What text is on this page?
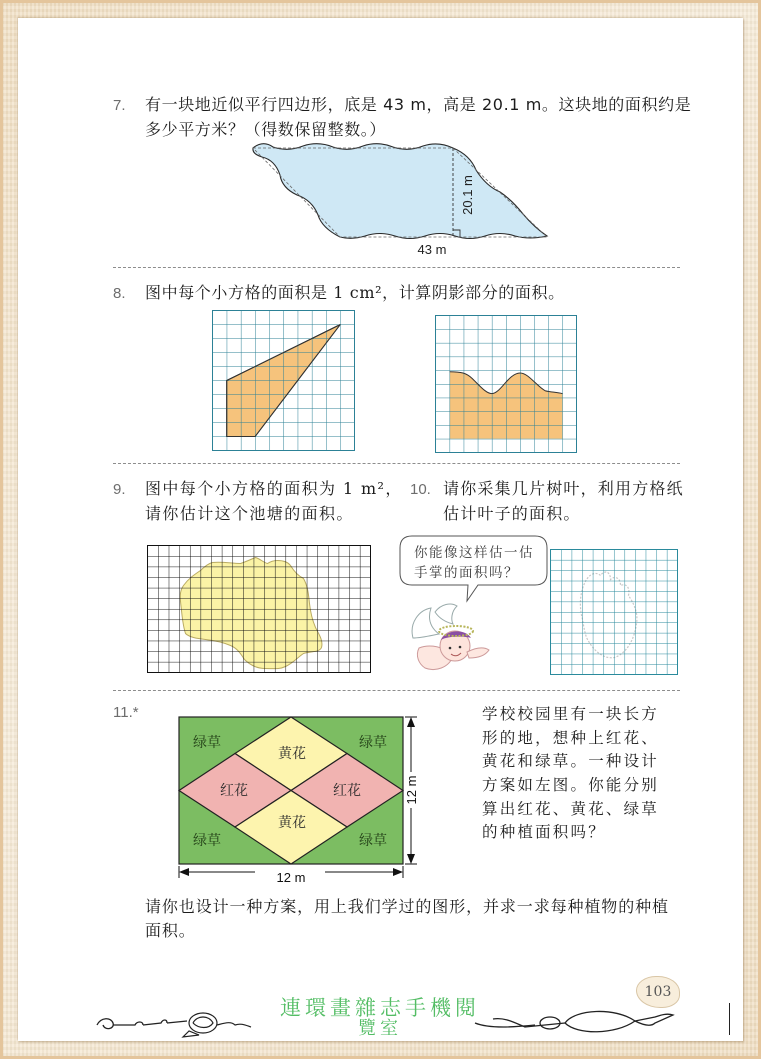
7. 有一块地近似平行四边形，底是 43 m，高是 20.1 m。这块地的面积约是
多少平方米？（得数保留整数。）
20.1 m
43 m
8. 图中每个小方格的面积是 1 cm²，计算阴影部分的面积。
9. 图中每个小方格的面积为 1 m²，
请你估计这个池塘的面积。
10. 请你采集几片树叶，利用方格纸
估计叶子的面积。
你能像这样估一估
手掌的面积吗？
11.*
绿草	绿草
绿草	绿草
黄花
黄花
红花	红花	12 m
12 m
学校校园里有一块长方
形的地，想种上红花、
黄花和绿草。一种设计
方案如左图。你能分别
算出红花、黄花、绿草
的种植面积吗？
请你也设计一种方案，用上我们学过的图形，并求一求每种植物的种植
面积。
103
連環畫雜志手機閱
覽室
